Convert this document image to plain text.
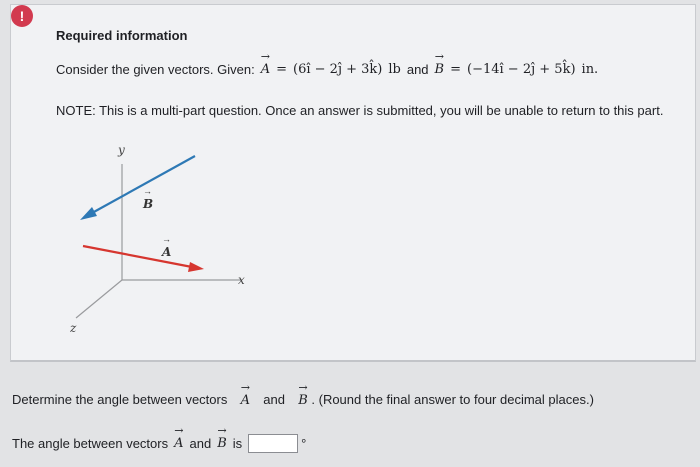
!
Required information
Consider the given vectors. Given: → A = (6î − 2ĵ + 3k̂) lb and → B = (−14î − 2ĵ + 5k̂) in.
NOTE: This is a multi-part question. Once an answer is submitted, you will be unable to return to this part.
y
x
z
B
→
A
→
Determine the angle between vectors → A and → B . (Round the final answer to four decimal places.)
The angle between vectors → A and → B is	°
